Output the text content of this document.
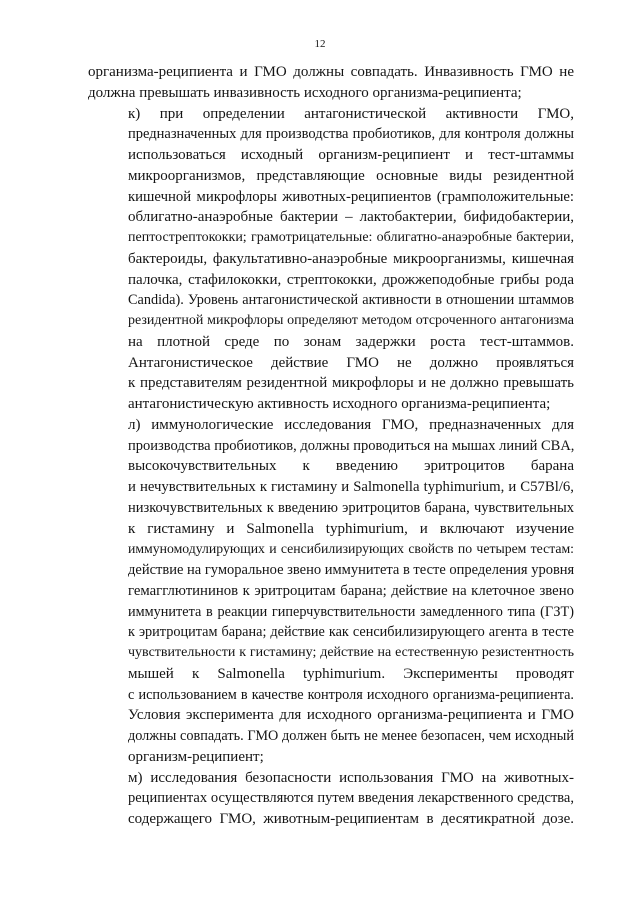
12

организма-реципиента и ГМО должны совпадать. Инвазивность ГМО не
должна превышать инвазивность исходного организма-реципиента;

к) при определении антагонистической активности ГМО,
предназначенных для производства пробиотиков, для контроля должны
использоваться исходный организм-реципиент и тест-штаммы
микроорганизмов, представляющие основные виды резидентной
кишечной микрофлоры животных-реципиентов (грамположительные:
облигатно-анаэробные бактерии – лактобактерии, бифидобактерии,
пептострептококки; грамотрицательные: облигатно-анаэробные бактерии,
бактероиды, факультативно-анаэробные микроорганизмы, кишечная
палочка, стафилококки, стрептококки, дрожжеподобные грибы рода
Candida). Уровень антагонистической активности в отношении штаммов
резидентной микрофлоры определяют методом отсроченного антагонизма
на плотной среде по зонам задержки роста тест-штаммов.
Антагонистическое действие ГМО не должно проявляться
к представителям резидентной микрофлоры и не должно превышать
антагонистическую активность исходного организма-реципиента;

л) иммунологические исследования ГМО, предназначенных для
производства пробиотиков, должны проводиться на мышах линий CBA,
высокочувствительных к введению эритроцитов барана
и нечувствительных к гистамину и Salmonella typhimurium, и C57Bl/6,
низкочувствительных к введению эритроцитов барана, чувствительных
к гистамину и Salmonella typhimurium, и включают изучение
иммуномодулирующих и сенсибилизирующих свойств по четырем тестам:
действие на гуморальное звено иммунитета в тесте определения уровня
гемагглютининов к эритроцитам барана; действие на клеточное звено
иммунитета в реакции гиперчувствительности замедленного типа (ГЗТ)
к эритроцитам барана; действие как сенсибилизирующего агента в тесте
чувствительности к гистамину; действие на естественную резистентность
мышей к Salmonella typhimurium. Эксперименты проводят
с использованием в качестве контроля исходного организма-реципиента.
Условия эксперимента для исходного организма-реципиента и ГМО
должны совпадать. ГМО должен быть не менее безопасен, чем исходный
организм-реципиент;

м) исследования безопасности использования ГМО на животных-
реципиентах осуществляются путем введения лекарственного средства,
содержащего ГМО, животным-реципиентам в десятикратной дозе.
